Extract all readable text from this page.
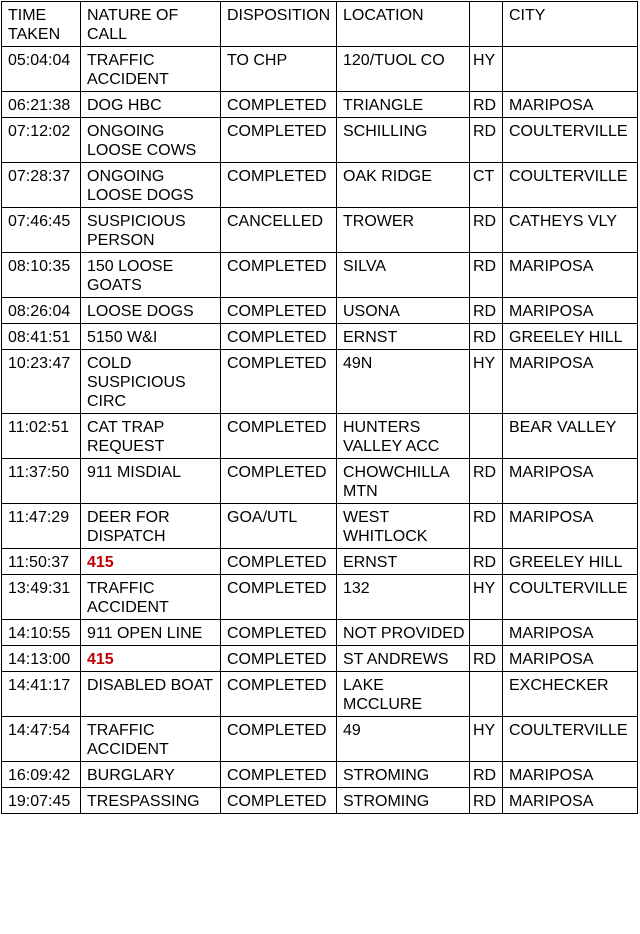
TIME TAKEN	NATURE OF CALL	DISPOSITION	LOCATION		CITY
05:04:04	TRAFFIC ACCIDENT	TO CHP	120/TUOL CO	HY	
06:21:38	DOG HBC	COMPLETED	TRIANGLE	RD	MARIPOSA
07:12:02	ONGOING LOOSE COWS	COMPLETED	SCHILLING	RD	COULTERVILLE
07:28:37	ONGOING LOOSE DOGS	COMPLETED	OAK RIDGE	CT	COULTERVILLE
07:46:45	SUSPICIOUS PERSON	CANCELLED	TROWER	RD	CATHEYS VLY
08:10:35	150 LOOSE GOATS	COMPLETED	SILVA	RD	MARIPOSA
08:26:04	LOOSE DOGS	COMPLETED	USONA	RD	MARIPOSA
08:41:51	5150 W&I	COMPLETED	ERNST	RD	GREELEY HILL
10:23:47	COLD SUSPICIOUS CIRC	COMPLETED	49N	HY	MARIPOSA
11:02:51	CAT TRAP REQUEST	COMPLETED	HUNTERS VALLEY ACC		BEAR VALLEY
11:37:50	911 MISDIAL	COMPLETED	CHOWCHILLA MTN	RD	MARIPOSA
11:47:29	DEER FOR DISPATCH	GOA/UTL	WEST WHITLOCK	RD	MARIPOSA
11:50:37	415	COMPLETED	ERNST	RD	GREELEY HILL
13:49:31	TRAFFIC ACCIDENT	COMPLETED	132	HY	COULTERVILLE
14:10:55	911 OPEN LINE	COMPLETED	NOT PROVIDED		MARIPOSA
14:13:00	415	COMPLETED	ST ANDREWS	RD	MARIPOSA
14:41:17	DISABLED BOAT	COMPLETED	LAKE MCCLURE		EXCHECKER
14:47:54	TRAFFIC ACCIDENT	COMPLETED	49	HY	COULTERVILLE
16:09:42	BURGLARY	COMPLETED	STROMING	RD	MARIPOSA
19:07:45	TRESPASSING	COMPLETED	STROMING	RD	MARIPOSA
